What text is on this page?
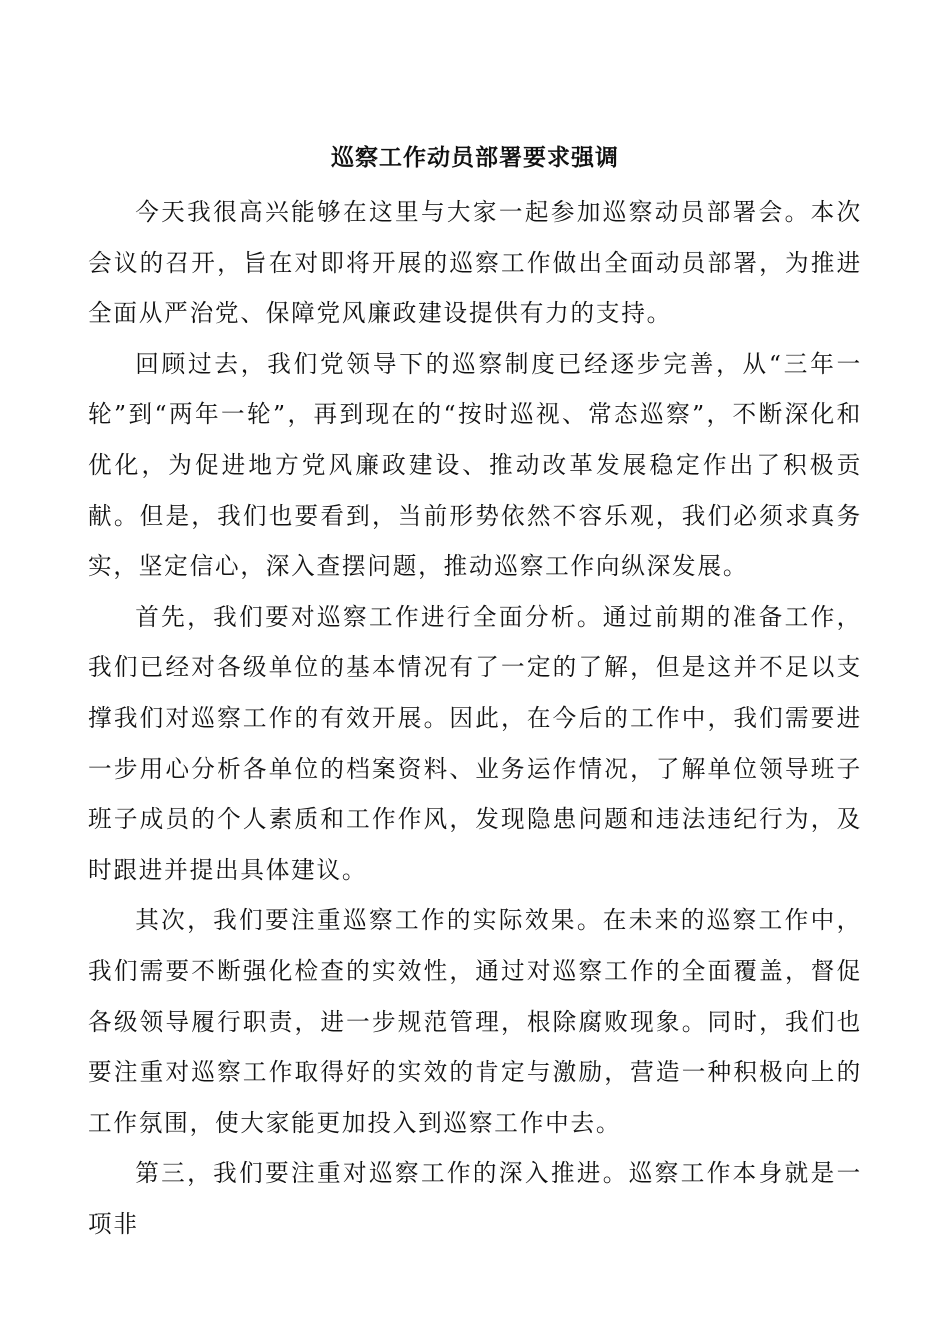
巡察工作动员部署要求强调

今天我很高兴能够在这里与大家一起参加巡察动员部署会。本次会议的召开，旨在对即将开展的巡察工作做出全面动员部署，为推进全面从严治党、保障党风廉政建设提供有力的支持。

回顾过去，我们党领导下的巡察制度已经逐步完善，从“三年一轮”到“两年一轮”，再到现在的“按时巡视、常态巡察”，不断深化和优化，为促进地方党风廉政建设、推动改革发展稳定作出了积极贡献。但是，我们也要看到，当前形势依然不容乐观，我们必须求真务实，坚定信心，深入查摆问题，推动巡察工作向纵深发展。

首先，我们要对巡察工作进行全面分析。通过前期的准备工作，我们已经对各级单位的基本情况有了一定的了解，但是这并不足以支撑我们对巡察工作的有效开展。因此，在今后的工作中，我们需要进一步用心分析各单位的档案资料、业务运作情况，了解单位领导班子班子成员的个人素质和工作作风，发现隐患问题和违法违纪行为，及时跟进并提出具体建议。

其次，我们要注重巡察工作的实际效果。在未来的巡察工作中，我们需要不断强化检查的实效性，通过对巡察工作的全面覆盖，督促各级领导履行职责，进一步规范管理，根除腐败现象。同时，我们也要注重对巡察工作取得好的实效的肯定与激励，营造一种积极向上的工作氛围，使大家能更加投入到巡察工作中去。

第三，我们要注重对巡察工作的深入推进。巡察工作本身就是一项非
